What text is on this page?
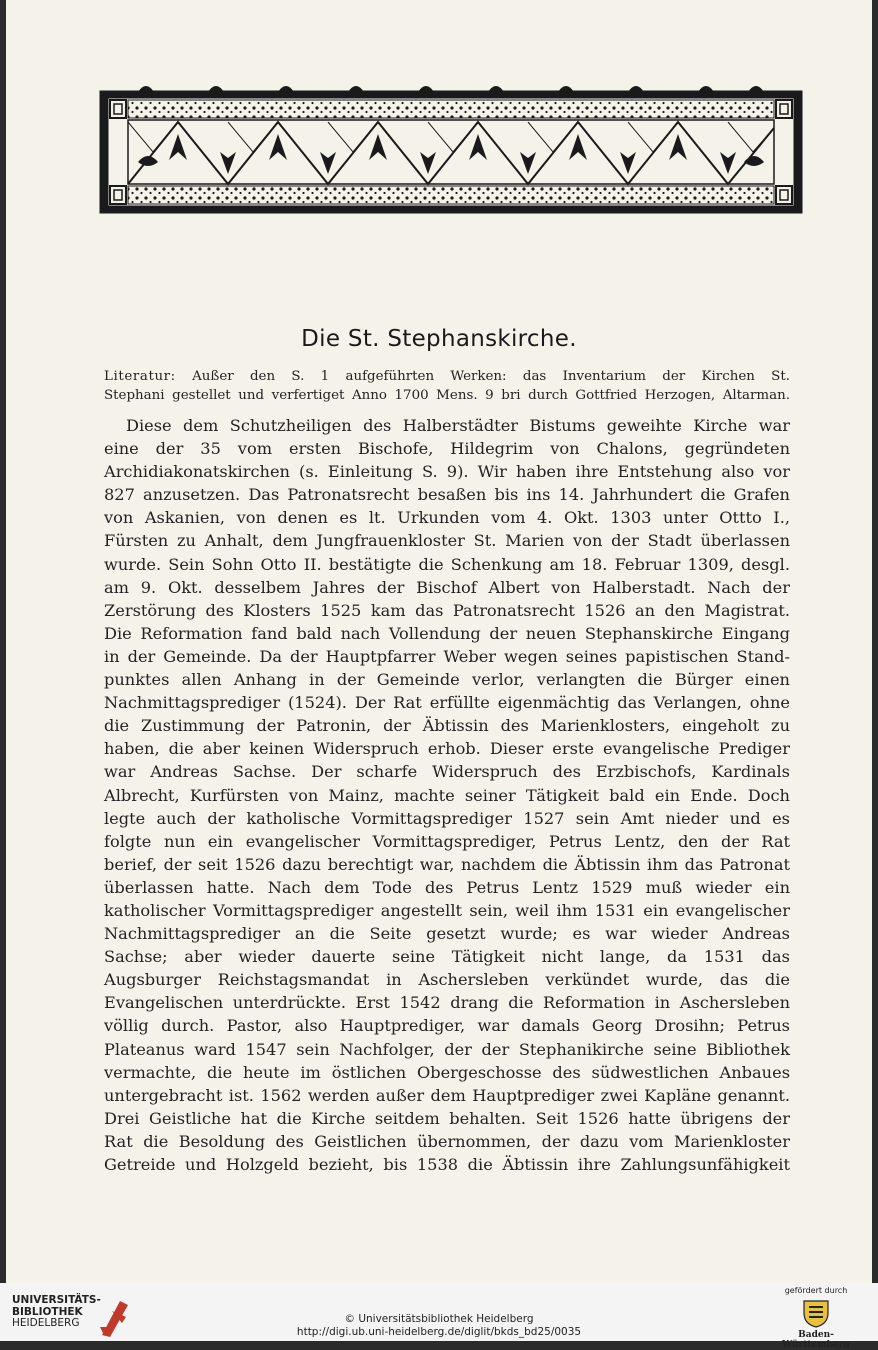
Die St. Stephanskirche.
Literatur: Außer den S. 1 aufgeführten Werken: das Inventarium der Kirchen St.
Stephani gestellet und verfertiget Anno 1700 Mens. 9 bri durch Gottfried Herzogen, Altarman.
Diese dem Schutzheiligen des Halberstädter Bistums geweihte Kirche war
eine der 35 vom ersten Bischofe, Hildegrim von Chalons, gegründeten
Archidiakonatskirchen (s. Einleitung S. 9). Wir haben ihre Entstehung also vor
827 anzusetzen. Das Patronatsrecht besaßen bis ins 14. Jahrhundert die Grafen
von Askanien, von denen es lt. Urkunden vom 4. Okt. 1303 unter Ottto I.,
Fürsten zu Anhalt, dem Jungfrauenkloster St. Marien von der Stadt überlassen
wurde. Sein Sohn Otto II. bestätigte die Schenkung am 18. Februar 1309, desgl.
am 9. Okt. desselbem Jahres der Bischof Albert von Halberstadt. Nach der
Zerstörung des Klosters 1525 kam das Patronatsrecht 1526 an den Magistrat.
Die Reformation fand bald nach Vollendung der neuen Stephanskirche Eingang
in der Gemeinde. Da der Hauptpfarrer Weber wegen seines papistischen Stand-
punktes allen Anhang in der Gemeinde verlor, verlangten die Bürger einen
Nachmittagsprediger (1524). Der Rat erfüllte eigenmächtig das Verlangen, ohne
die Zustimmung der Patronin, der Äbtissin des Marienklosters, eingeholt zu
haben, die aber keinen Widerspruch erhob. Dieser erste evangelische Prediger
war Andreas Sachse. Der scharfe Widerspruch des Erzbischofs, Kardinals
Albrecht, Kurfürsten von Mainz, machte seiner Tätigkeit bald ein Ende. Doch
legte auch der katholische Vormittagsprediger 1527 sein Amt nieder und es
folgte nun ein evangelischer Vormittagsprediger, Petrus Lentz, den der Rat
berief, der seit 1526 dazu berechtigt war, nachdem die Äbtissin ihm das Patronat
überlassen hatte. Nach dem Tode des Petrus Lentz 1529 muß wieder ein
katholischer Vormittagsprediger angestellt sein, weil ihm 1531 ein evangelischer
Nachmittagsprediger an die Seite gesetzt wurde; es war wieder Andreas
Sachse; aber wieder dauerte seine Tätigkeit nicht lange, da 1531 das
Augsburger Reichstagsmandat in Aschersleben verkündet wurde, das die
Evangelischen unterdrückte. Erst 1542 drang die Reformation in Aschersleben
völlig durch. Pastor, also Hauptprediger, war damals Georg Drosihn; Petrus
Plateanus ward 1547 sein Nachfolger, der der Stephanikirche seine Bibliothek
vermachte, die heute im östlichen Obergeschosse des südwestlichen Anbaues
untergebracht ist. 1562 werden außer dem Hauptprediger zwei Kapläne genannt.
Drei Geistliche hat die Kirche seitdem behalten. Seit 1526 hatte übrigens der
Rat die Besoldung des Geistlichen übernommen, der dazu vom Marienkloster
Getreide und Holzgeld bezieht, bis 1538 die Äbtissin ihre Zahlungsunfähigkeit
UNIVERSITÄTS-
BIBLIOTHEK
HEIDELBERG	© Universitätsbibliothek Heidelberg
http://digi.ub.uni-heidelberg.de/diglit/bkds_bd25/0035
gefördert durch
Baden-Württemberg
